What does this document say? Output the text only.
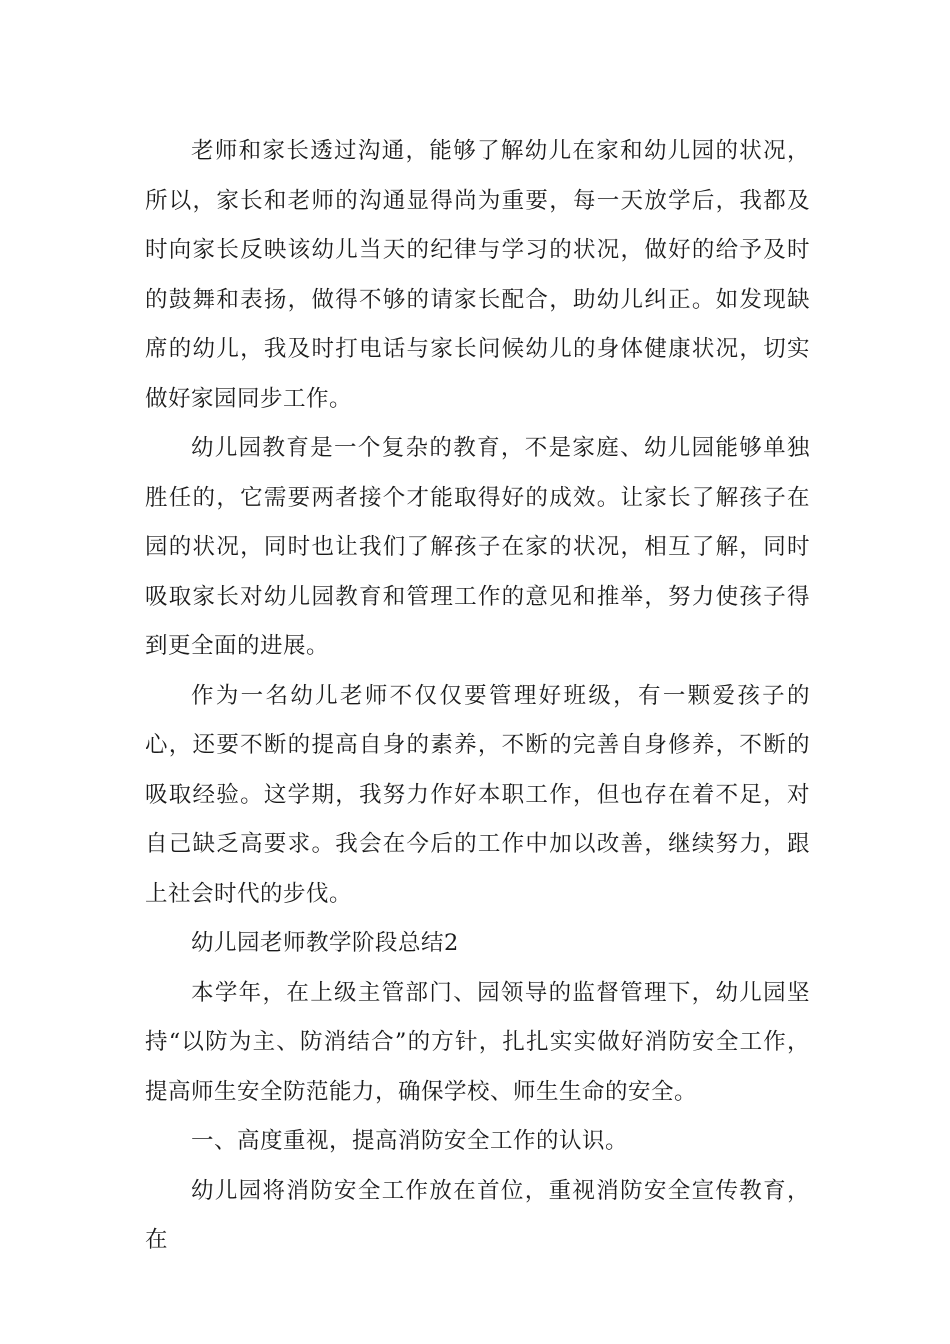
老师和家长透过沟通，能够了解幼儿在家和幼儿园的状况，所以，家长和老师的沟通显得尚为重要，每一天放学后，我都及时向家长反映该幼儿当天的纪律与学习的状况，做好的给予及时的鼓舞和表扬，做得不够的请家长配合，助幼儿纠正。如发现缺席的幼儿，我及时打电话与家长问候幼儿的身体健康状况，切实做好家园同步工作。

幼儿园教育是一个复杂的教育，不是家庭、幼儿园能够单独胜任的，它需要两者接个才能取得好的成效。让家长了解孩子在园的状况，同时也让我们了解孩子在家的状况，相互了解，同时吸取家长对幼儿园教育和管理工作的意见和推举，努力使孩子得到更全面的进展。

作为一名幼儿老师不仅仅要管理好班级，有一颗爱孩子的心，还要不断的提高自身的素养，不断的完善自身修养，不断的吸取经验。这学期，我努力作好本职工作，但也存在着不足，对自己缺乏高要求。我会在今后的工作中加以改善，继续努力，跟上社会时代的步伐。

幼儿园老师教学阶段总结2

本学年，在上级主管部门、园领导的监督管理下，幼儿园坚持“以防为主、防消结合”的方针，扎扎实实做好消防安全工作，提高师生安全防范能力，确保学校、师生生命的安全。

一、高度重视，提高消防安全工作的认识。

幼儿园将消防安全工作放在首位，重视消防安全宣传教育，在
